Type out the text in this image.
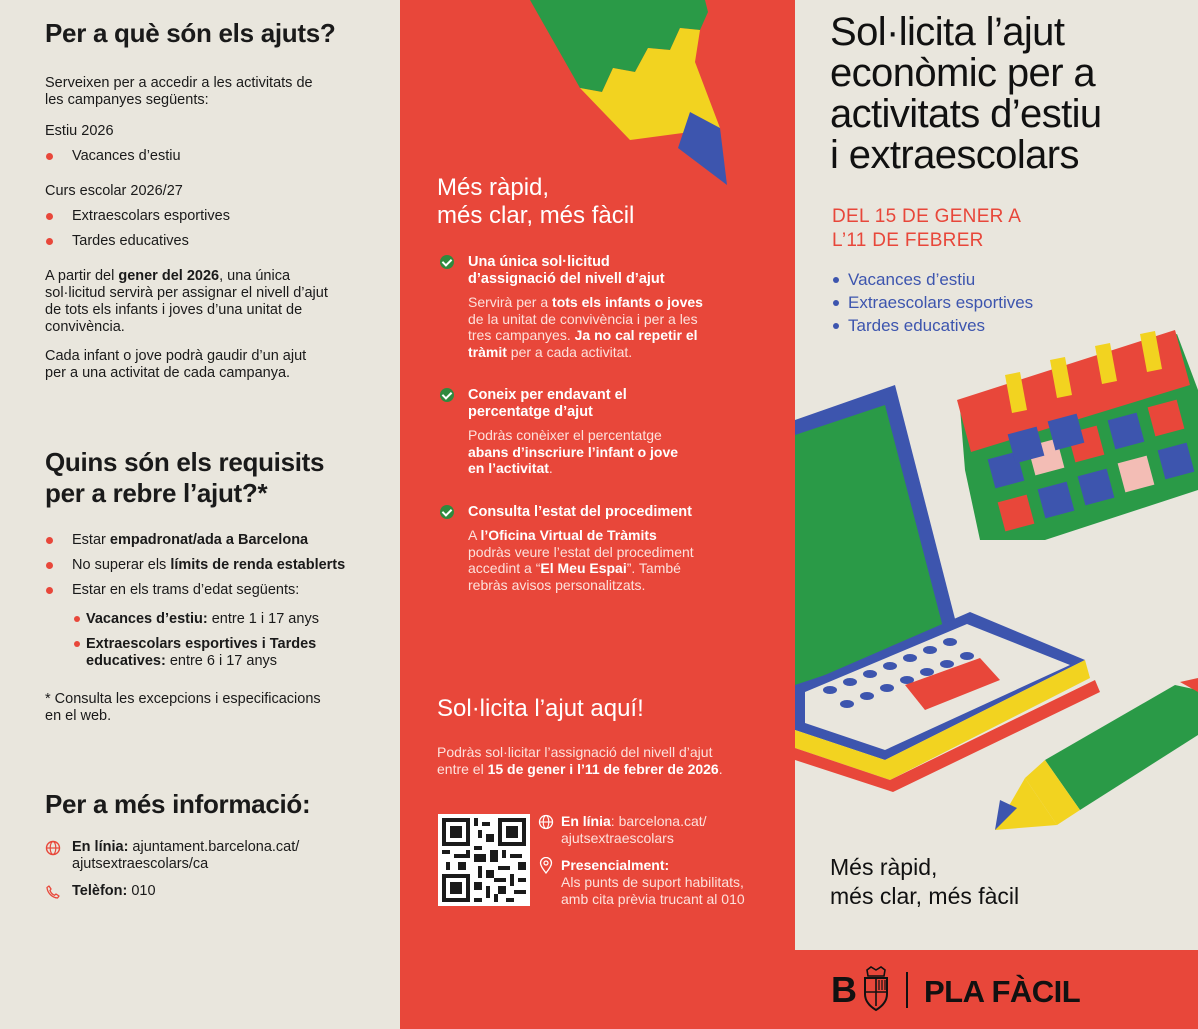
Per a què són els ajuts?

Serveixen per a accedir a les activitats de
les campanyes següents:

Estiu 2026

Vacances d’estiu

Curs escolar 2026/27

Extraescolars esportives
Tardes educatives

A partir del gener del 2026, una única
sol·licitud servirà per assignar el nivell d’ajut
de tots els infants i joves d’una unitat de
convivència.

Cada infant o jove podrà gaudir d’un ajut
per a una activitat de cada campanya.

Quins són els requisits
per a rebre l’ajut?*
Estar empadronat/ada a Barcelona
No superar els límits de renda establerts
Estar en els trams d’edat següents:
Vacances d’estiu: entre 1 i 17 anys
Extraescolars esportives i Tardes
educatives: entre 6 i 17 anys

* Consulta les excepcions i especificacions
en el web.

Per a més informació:

En línia: ajuntament.barcelona.cat/
ajutsextraescolars/ca

Telèfon: 010

Més ràpid,
més clar, més fàcil

Una única sol·licitud
d’assignació del nivell d’ajut

Servirà per a tots els infants o joves
de la unitat de convivència i per a les
tres campanyes. Ja no cal repetir el
tràmit per a cada activitat.

Coneix per endavant el
percentatge d’ajut

Podràs conèixer el percentatge
abans d’inscriure l’infant o jove
en l’activitat.

Consulta l’estat del procediment

A l’Oficina Virtual de Tràmits
podràs veure l’estat del procediment
accedint a “El Meu Espai”. També
rebràs avisos personalitzats.

Sol·licita l’ajut aquí!

Podràs sol·licitar l’assignació del nivell d’ajut
entre el 15 de gener i l’11 de febrer de 2026.

En línia: barcelona.cat/
ajutsextraescolars

Presencialment:
Als punts de suport habilitats,
amb cita prèvia trucant al 010

Sol·licita l’ajut
econòmic per a
activitats d’estiu
i extraescolars

DEL 15 DE GENER A
L’11 DE FEBRER

Vacances d’estiu
Extraescolars esportives
Tardes educatives
Més ràpid,
més clar, més fàcil
B PLA FÀCIL
